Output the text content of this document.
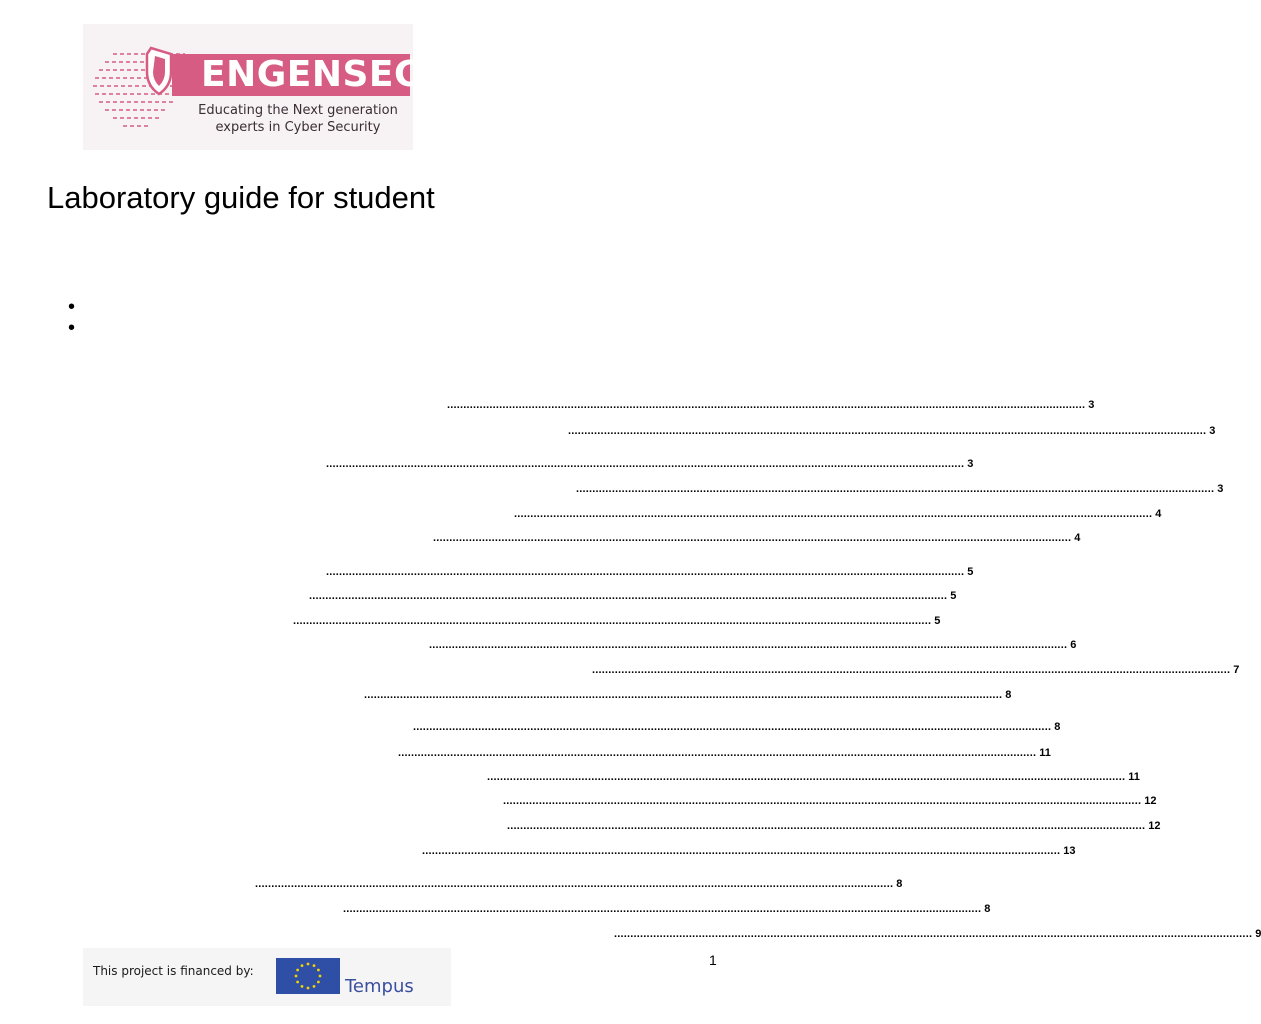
ENGENSEC
Educating the Next generation
experts in Cyber Security
Laboratory guide for student
•
•
.................................................................................................................................................................................................... 3
.................................................................................................................................................................................................... 3
.................................................................................................................................................................................................... 3
.................................................................................................................................................................................................... 3
.................................................................................................................................................................................................... 4
.................................................................................................................................................................................................... 4
.................................................................................................................................................................................................... 5
.................................................................................................................................................................................................... 5
.................................................................................................................................................................................................... 5
.................................................................................................................................................................................................... 6
.................................................................................................................................................................................................... 7
.................................................................................................................................................................................................... 8
.................................................................................................................................................................................................... 8
.................................................................................................................................................................................................... 11
.................................................................................................................................................................................................... 11
.................................................................................................................................................................................................... 12
.................................................................................................................................................................................................... 12
.................................................................................................................................................................................................... 13
.................................................................................................................................................................................................... 8
.................................................................................................................................................................................................... 8
.................................................................................................................................................................................................... 9
1
This project is financed by:
Tempus
